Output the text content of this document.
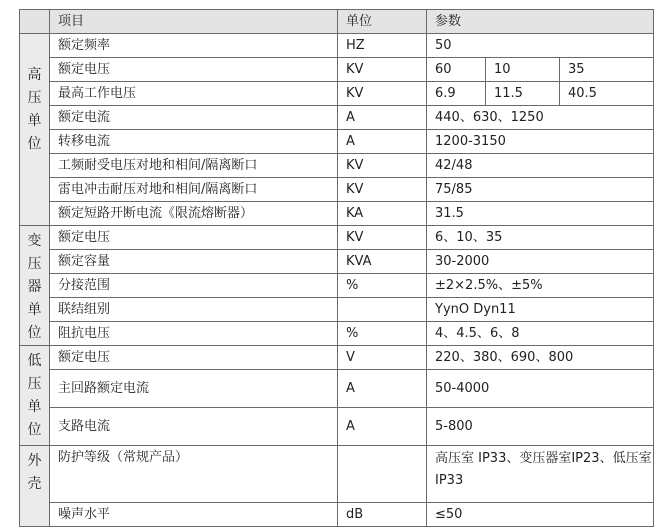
	项目	单位	参数		

高
压
单
位	额定频率	HZ	50		
	额定电压	KV	60	10	35
	最高工作电压	KV	6.9	11.5	40.5
	额定电流	A	440、630、1250		
	转移电流	A	1200-3150		
	工频耐受电压对地和相间/隔离断口	KV	42/48		
	雷电冲击耐压对地和相间/隔离断口	KV	75/85		
	额定短路开断电流《限流熔断器）	KA	31.5		

变
压
器
单
位	额定电压	KV	6、10、35		
	额定容量	KVA	30-2000		
	分接范围	%	±2×2.5%、±5%		
	联结组别		YynO Dyn11		
	阻抗电压	%	4、4.5、6、8		

低
压
单
位	额定电压	V	220、380、690、800		
	主回路额定电流	A	50-4000		
	支路电流	A	5-800		

外
壳	防护等级（常规产品）		高压室 IP33、变压器室IP23、低压室 IP33		
	噪声水平	dB	≤50		
